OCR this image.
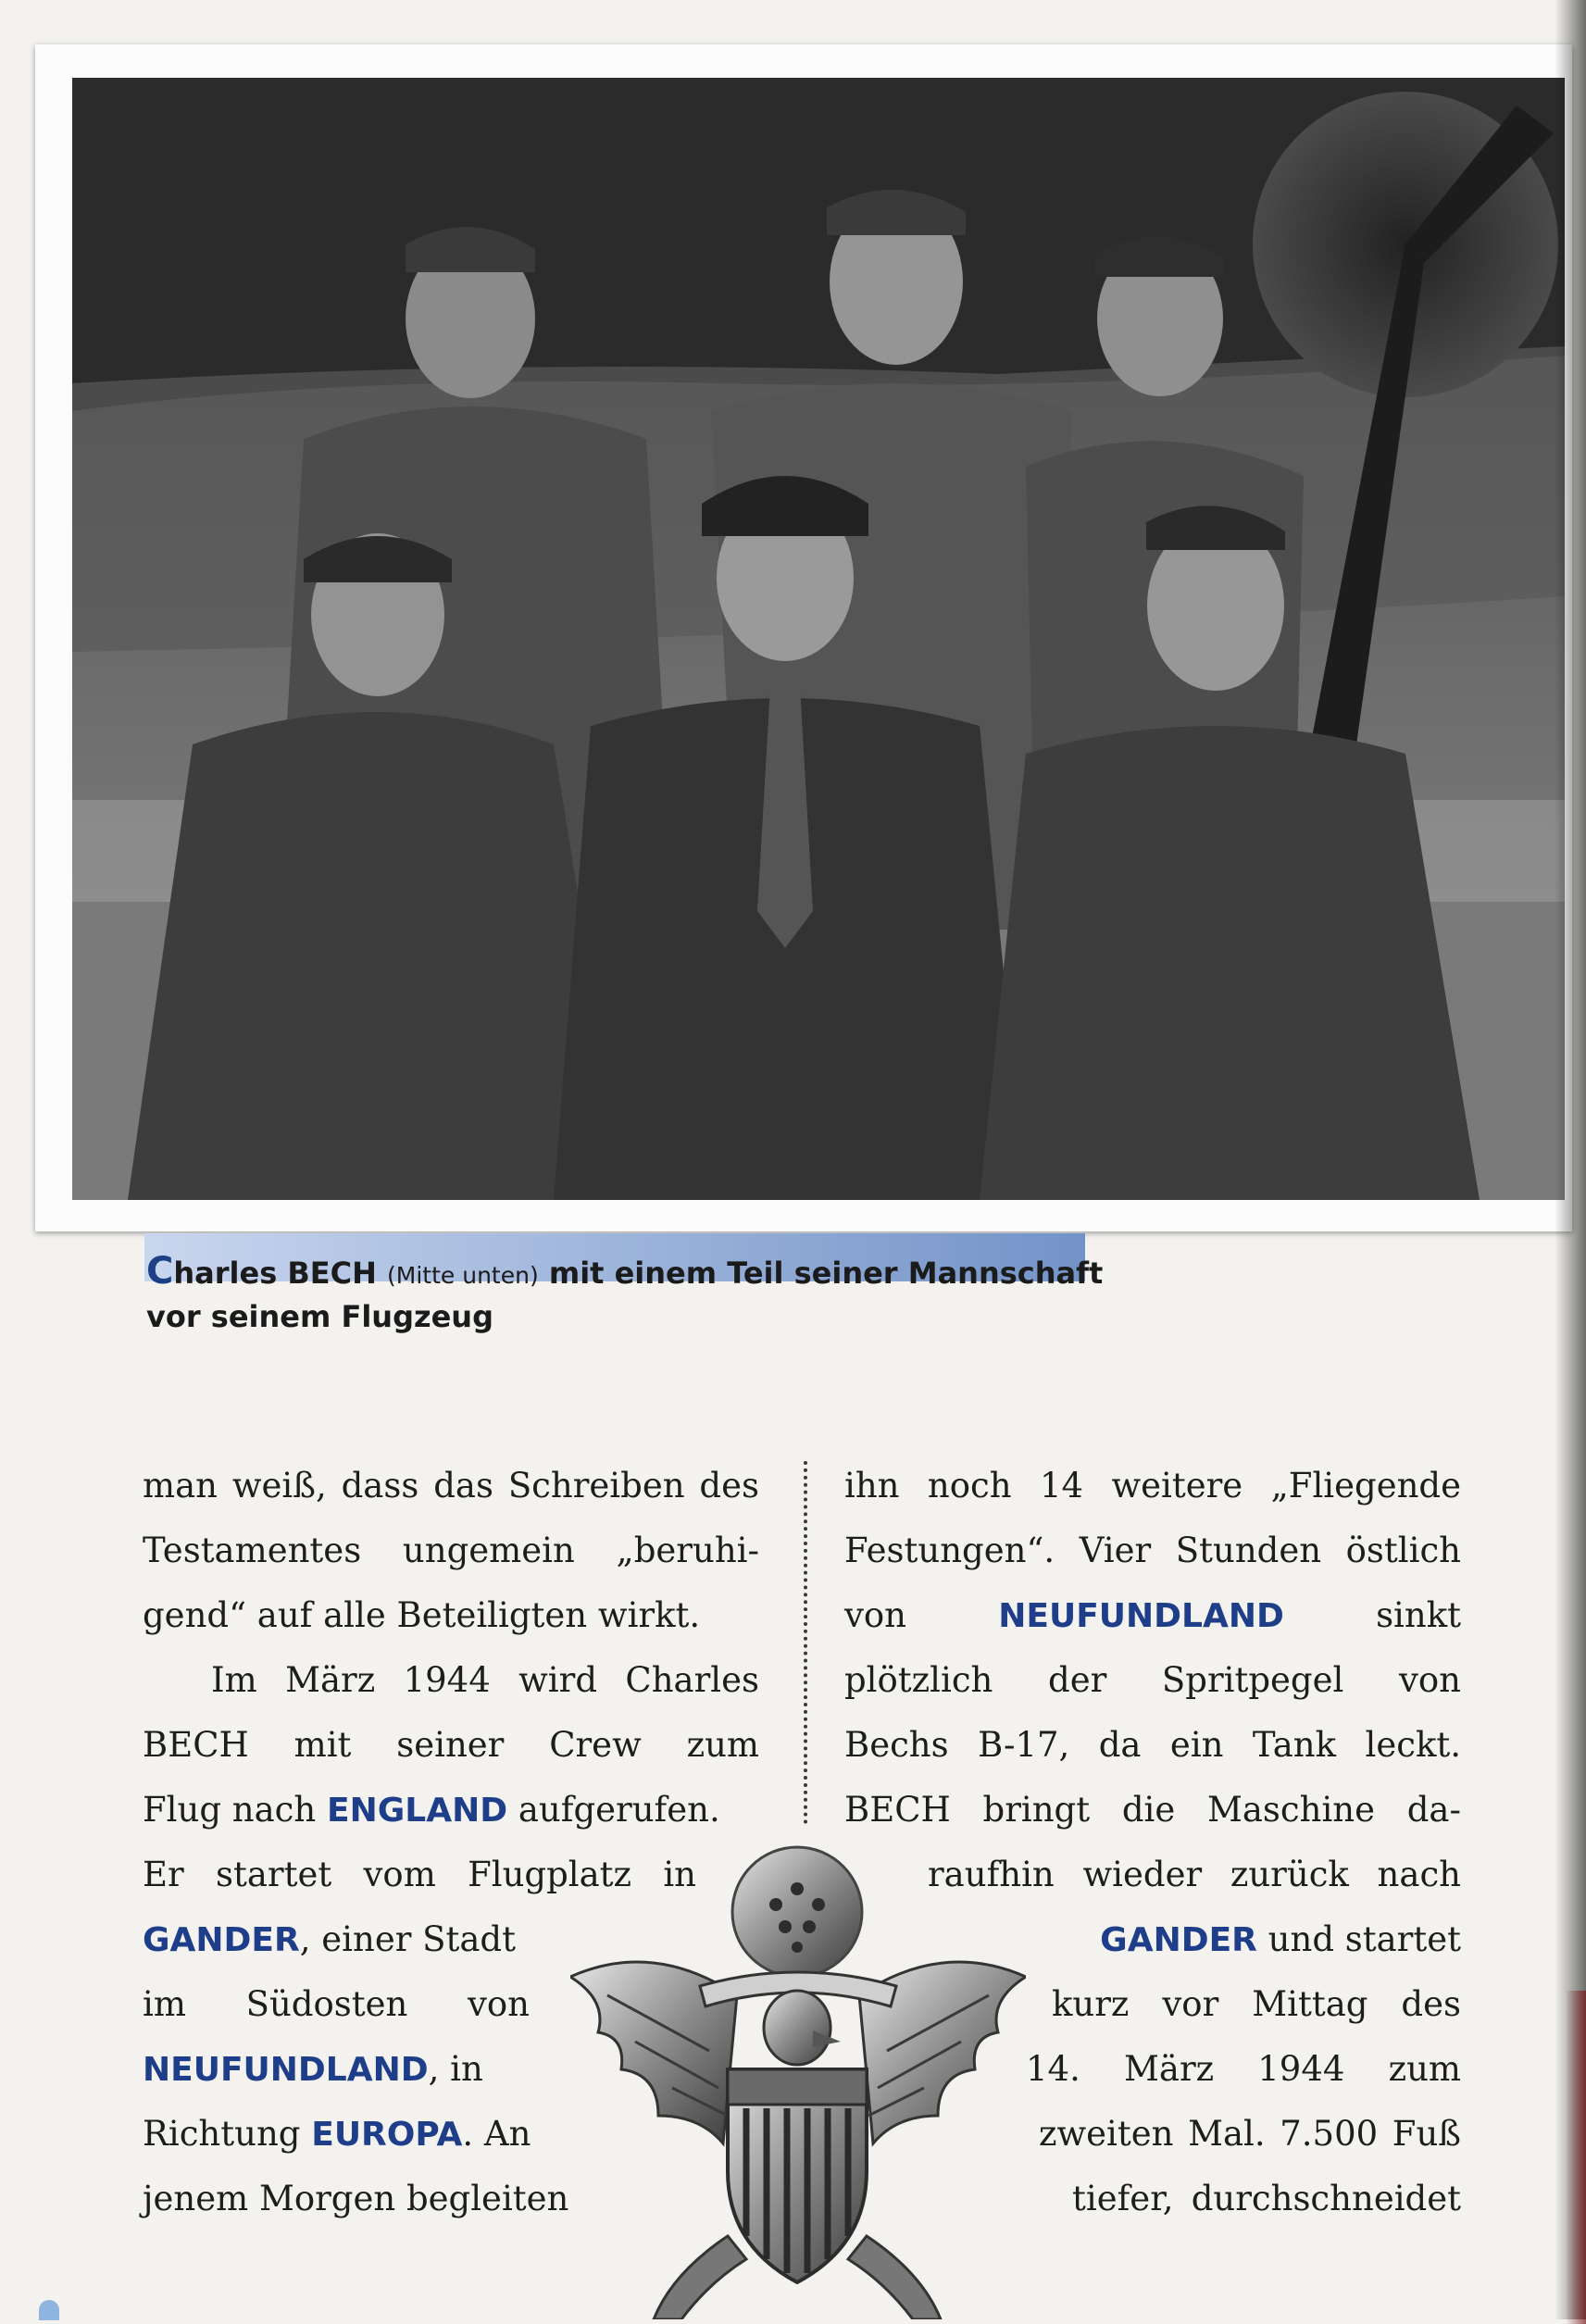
Charles BECH (Mitte unten) mit einem Teil seiner Mannschaft
vor seinem Flugzeug
man weiß, dass das Schreiben des
Testamentes ungemein „beruhi-
gend“ auf alle Beteiligten wirkt.
Im März 1944 wird Charles
BECH mit seiner Crew zum
Flug nach ENGLAND aufgerufen.
Er startet vom Flugplatz in
GANDER, einer Stadt
im Südosten von
NEUFUNDLAND, in
Richtung EUROPA. An
jenem Morgen begleiten
ihn noch 14 weitere „Fliegende
Festungen“. Vier Stunden östlich
von	NEUFUNDLAND	sinkt
plötzlich der Spritpegel von
Bechs B-17, da ein Tank leckt.
BECH bringt die Maschine da-
raufhin wieder zurück nach
GANDER und startet
kurz vor Mittag des
14. März 1944 zum
zweiten Mal. 7.500 Fuß
tiefer, durchschneidet
